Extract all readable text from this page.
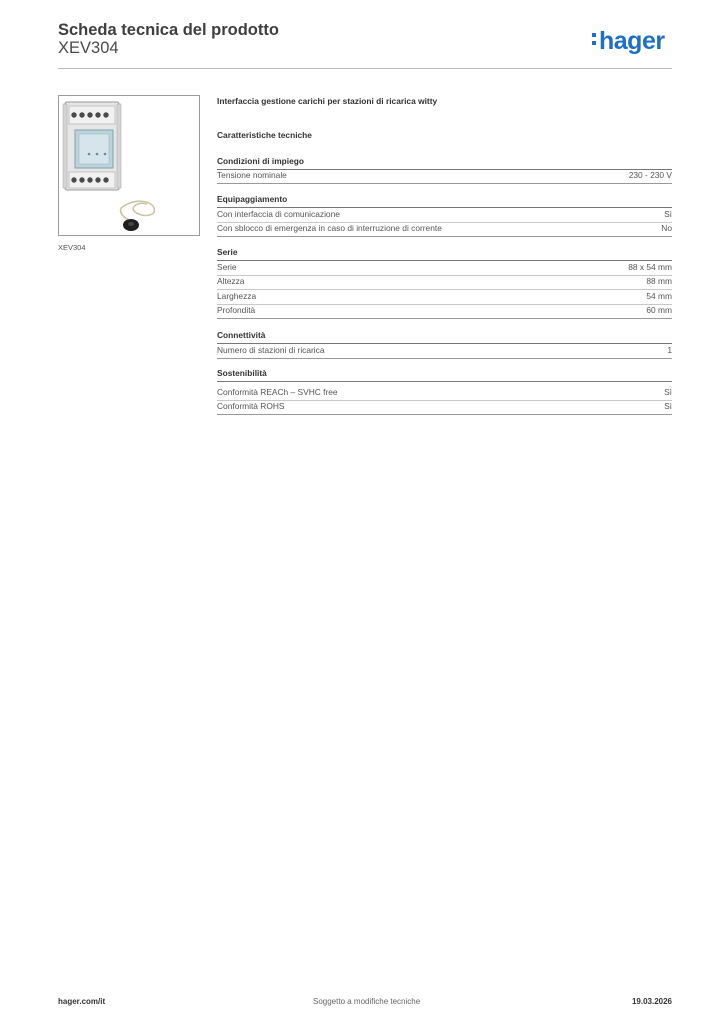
Scheda tecnica del prodotto
XEV304	hager
XEV304
Interfaccia gestione carichi per stazioni di ricarica witty
Caratteristiche tecniche
Condizioni di impiego
Tensione nominale	230 - 230 V
Equipaggiamento
Con interfaccia di comunicazione	Sì
Con sblocco di emergenza in caso di interruzione di corrente	No
Serie
Serie	88 x 54 mm
Altezza	88 mm
Larghezza	54 mm
Profondità	60 mm
Connettività
Numero di stazioni di ricarica	1
Sostenibilità
Conformità REACh – SVHC free	Sì
Conformità ROHS	Sì
hager.com/it	Soggetto a modifiche tecniche	19.03.2026
